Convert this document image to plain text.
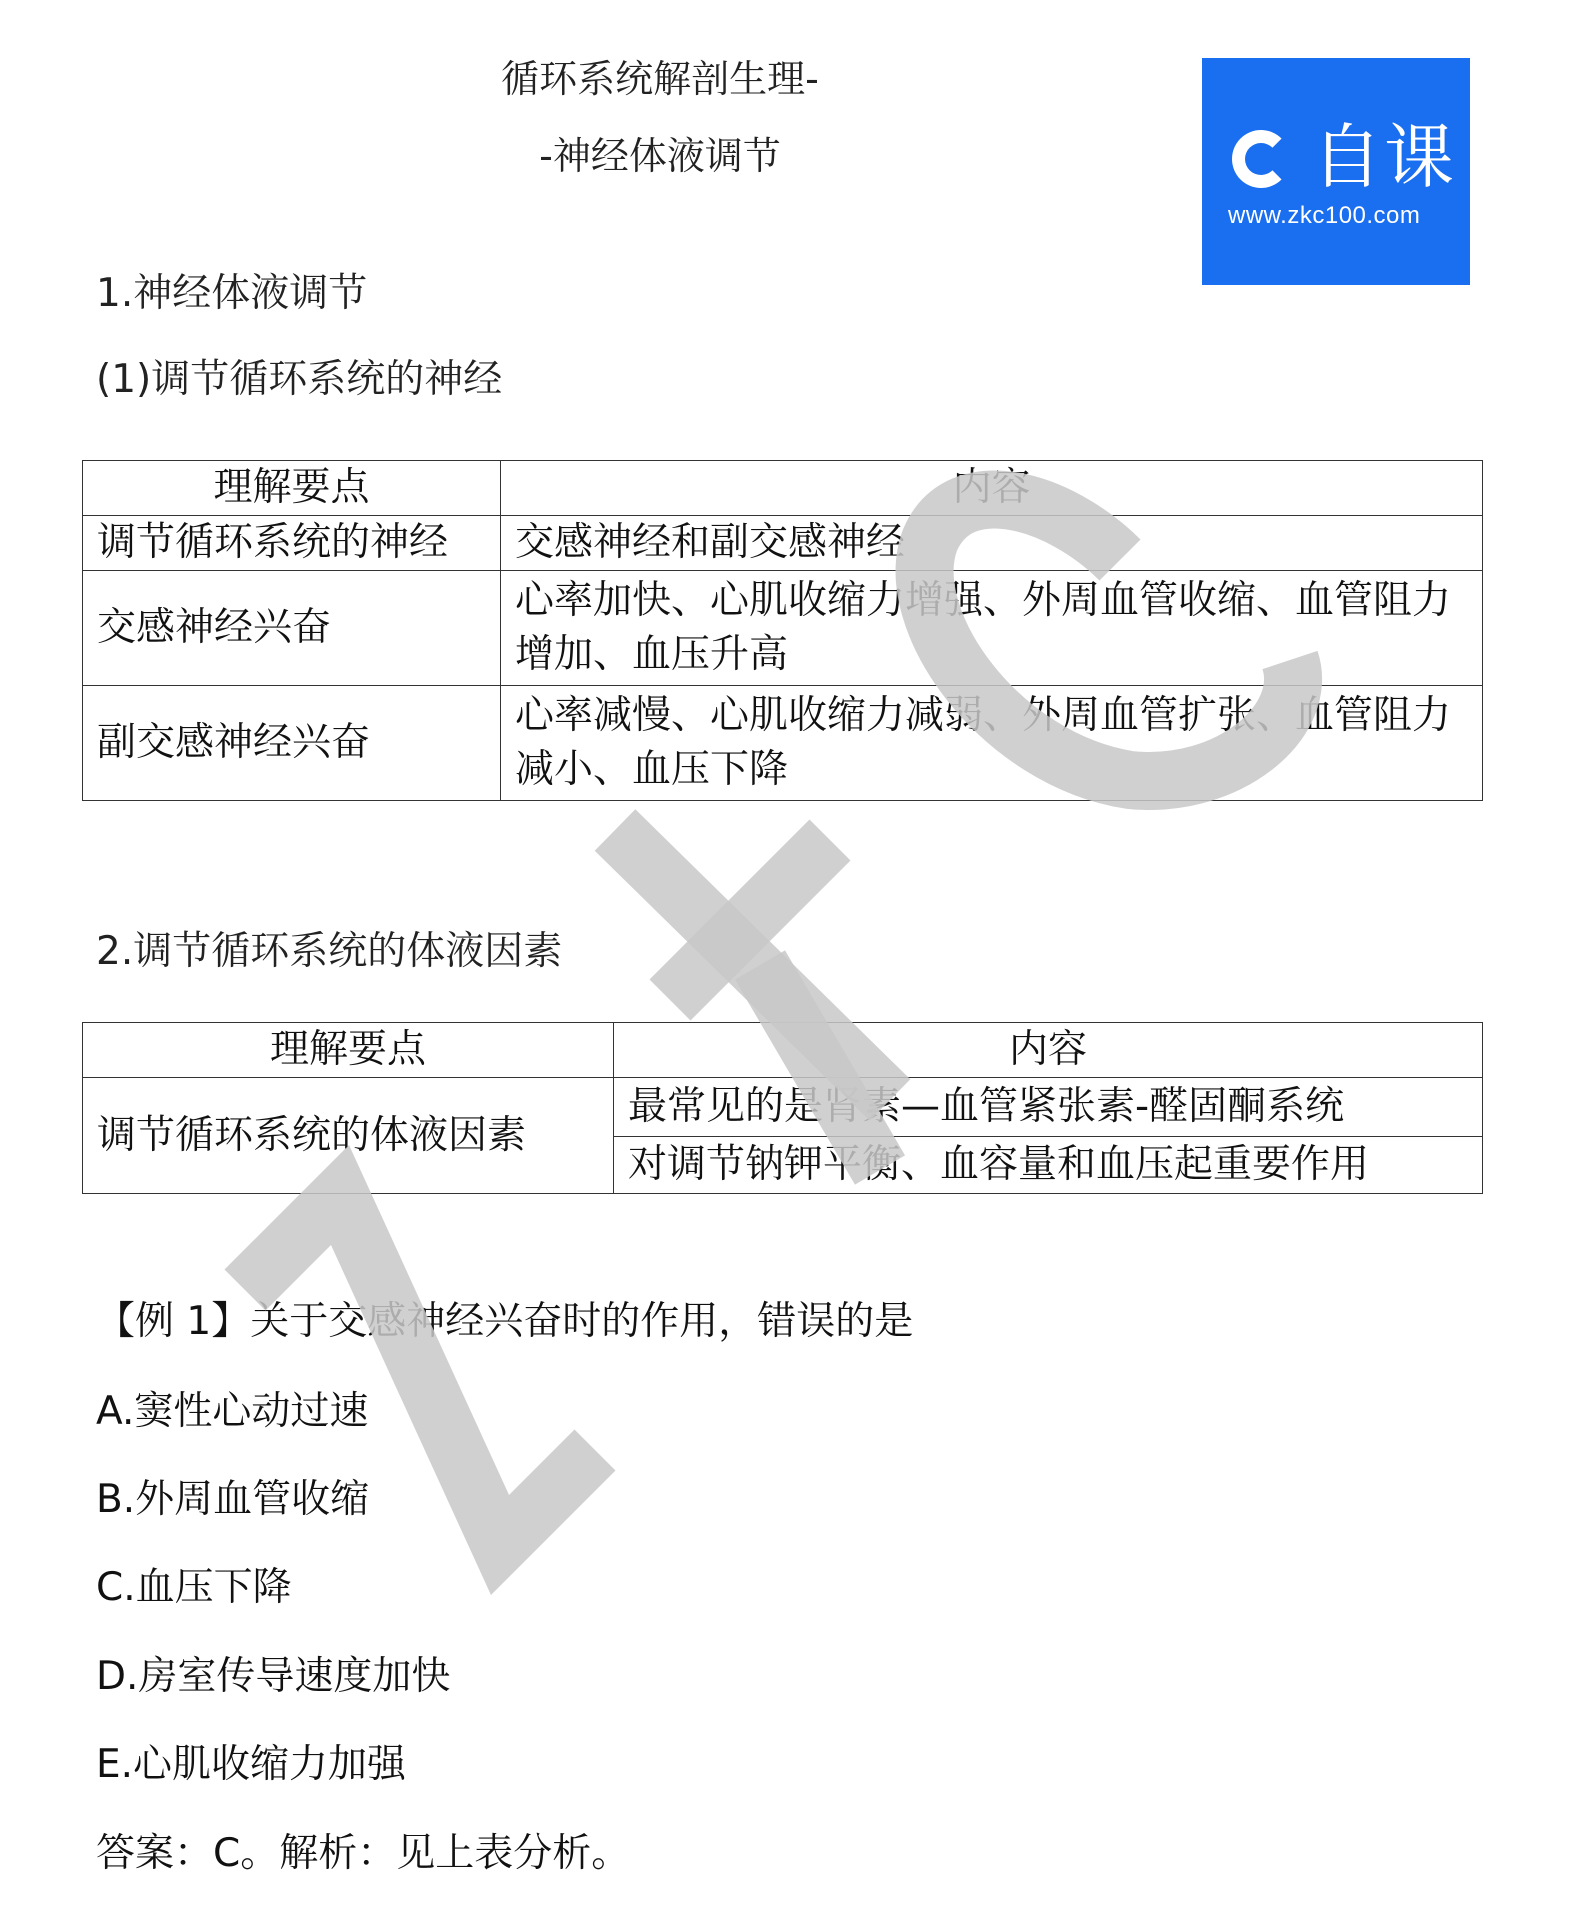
循环系统解剖生理-
-神经体液调节	自课
www.zkc100.com
1.神经体液调节
(1)调节循环系统的神经
理解要点	内容
调节循环系统的神经	交感神经和副交感神经
交感神经兴奋	心率加快、心肌收缩力增强、外周血管收缩、血管阻力增加、血压升高
副交感神经兴奋	心率减慢、心肌收缩力减弱、外周血管扩张、血管阻力减小、血压下降
2.调节循环系统的体液因素
理解要点	内容
调节循环系统的体液因素	最常见的是肾素—血管紧张素-醛固酮系统
	对调节钠钾平衡、血容量和血压起重要作用
【例 1】关于交感神经兴奋时的作用，错误的是
A.窦性心动过速
B.外周血管收缩
C.血压下降
D.房室传导速度加快
E.心肌收缩力加强
答案：C。解析：见上表分析。
